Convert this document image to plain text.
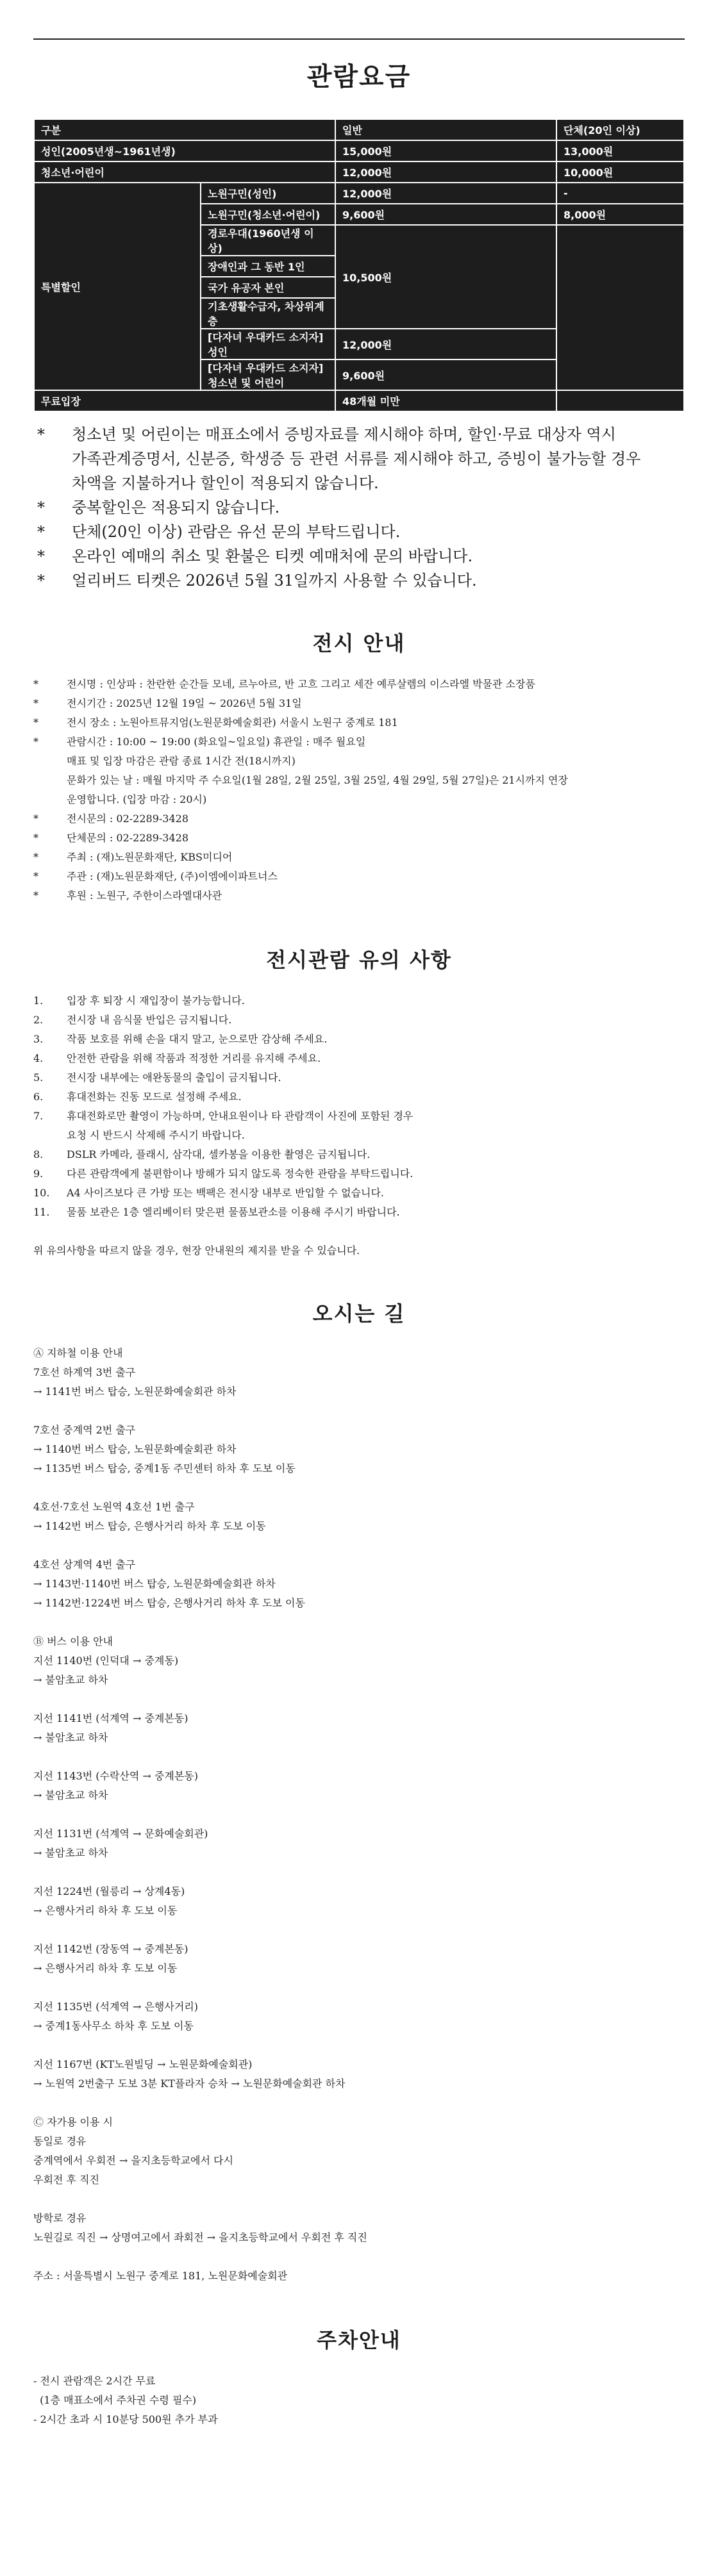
관람요금
구분		일반	단체(20인 이상)
성인(2005년생~1961년생)		15,000원	13,000원
청소년·어린이		12,000원	10,000원
특별할인	노원구민(성인)	12,000원	-
	노원구민(청소년·어린이)	9,600원	8,000원
	경로우대(1960년생 이상)	10,500원	
	장애인과 그 동반 1인		
	국가 유공자 본인		
	기초생활수급자, 차상위계층		
	[다자녀 우대카드 소지자] 성인	12,000원	
	[다자녀 우대카드 소지자] 청소년 및 어린이	9,600원	
무료입장		48개월 미만	
* 청소년 및 어린이는 매표소에서 증빙자료를 제시해야 하며, 할인·무료 대상자 역시
가족관계증명서, 신분증, 학생증 등 관련 서류를 제시해야 하고, 증빙이 불가능할 경우
차액을 지불하거나 할인이 적용되지 않습니다.
* 중복할인은 적용되지 않습니다.
* 단체(20인 이상) 관람은 유선 문의 부탁드립니다.
* 온라인 예매의 취소 및 환불은 티켓 예매처에 문의 바랍니다.
* 얼리버드 티켓은 2026년 5월 31일까지 사용할 수 있습니다.
전시 안내
*	전시명 : 인상파 : 찬란한 순간들 모네, 르누아르, 반 고흐 그리고 세잔 예루살렘의 이스라엘 박물관 소장품
*	전시기간 : 2025년 12월 19일 ~ 2026년 5월 31일
*	전시 장소 : 노원아트뮤지엄(노원문화예술회관) 서울시 노원구 중계로 181
*	관람시간 : 10:00 ~ 19:00 (화요일~일요일) 휴관일 : 매주 월요일
매표 및 입장 마감은 관람 종료 1시간 전(18시까지)
문화가 있는 날 : 매월 마지막 주 수요일(1월 28일, 2월 25일, 3월 25일, 4월 29일, 5월 27일)은 21시까지 연장
운영합니다. (입장 마감 : 20시)
*	전시문의 : 02-2289-3428
*	단체문의 : 02-2289-3428
*	주최 : (재)노원문화재단, KBS미디어
*	주관 : (재)노원문화재단, (주)이엠에이파트너스
*	후원 : 노원구, 주한이스라엘대사관
전시관람 유의 사항
1. 입장 후 퇴장 시 재입장이 불가능합니다.
2. 전시장 내 음식물 반입은 금지됩니다.
3. 작품 보호를 위해 손을 대지 말고, 눈으로만 감상해 주세요.
4. 안전한 관람을 위해 작품과 적정한 거리를 유지해 주세요.
5. 전시장 내부에는 애완동물의 출입이 금지됩니다.
6. 휴대전화는 진동 모드로 설정해 주세요.
7. 휴대전화로만 촬영이 가능하며, 안내요원이나 타 관람객이 사진에 포함된 경우
요청 시 반드시 삭제해 주시기 바랍니다.
8. DSLR 카메라, 플래시, 삼각대, 셀카봉을 이용한 촬영은 금지됩니다.
9. 다른 관람객에게 불편함이나 방해가 되지 않도록 정숙한 관람을 부탁드립니다.
10. A4 사이즈보다 큰 가방 또는 백팩은 전시장 내부로 반입할 수 없습니다.
11. 물품 보관은 1층 엘리베이터 맞은편 물품보관소를 이용해 주시기 바랍니다.
위 유의사항을 따르지 않을 경우, 현장 안내원의 제지를 받을 수 있습니다.
오시는 길
Ⓐ 지하철 이용 안내
7호선 하계역 3번 출구
→ 1141번 버스 탑승, 노원문화예술회관 하차
7호선 중계역 2번 출구
→ 1140번 버스 탑승, 노원문화예술회관 하차
→ 1135번 버스 탑승, 중계1동 주민센터 하차 후 도보 이동
4호선·7호선 노원역 4호선 1번 출구
→ 1142번 버스 탑승, 은행사거리 하차 후 도보 이동
4호선 상계역 4번 출구
→ 1143번·1140번 버스 탑승, 노원문화예술회관 하차
→ 1142번·1224번 버스 탑승, 은행사거리 하차 후 도보 이동
Ⓑ 버스 이용 안내
지선 1140번 (인덕대 → 중계동)
→ 불암초교 하차
지선 1141번 (석계역 → 중계본동)
→ 불암초교 하차
지선 1143번 (수락산역 → 중계본동)
→ 불암초교 하차
지선 1131번 (석계역 → 문화예술회관)
→ 불암초교 하차
지선 1224번 (월릉리 → 상계4동)
→ 은행사거리 하차 후 도보 이동
지선 1142번 (장동역 → 중계본동)
→ 은행사거리 하차 후 도보 이동
지선 1135번 (석계역 → 은행사거리)
→ 중계1동사무소 하차 후 도보 이동
지선 1167번 (KT노원빌딩 → 노원문화예술회관)
→ 노원역 2번출구 도보 3분 KT플라자 승차 → 노원문화예술회관 하차
Ⓒ 자가용 이용 시
동일로 경유
중계역에서 우회전 → 을지초등학교에서 다시
우회전 후 직진
방학로 경유
노원길로 직진 → 상명여고에서 좌회전 → 을지초등학교에서 우회전 후 직진
주소 : 서울특별시 노원구 중계로 181, 노원문화예술회관
주차안내
- 전시 관람객은 2시간 무료
(1층 매표소에서 주차권 수령 필수)
- 2시간 초과 시 10분당 500원 추가 부과
